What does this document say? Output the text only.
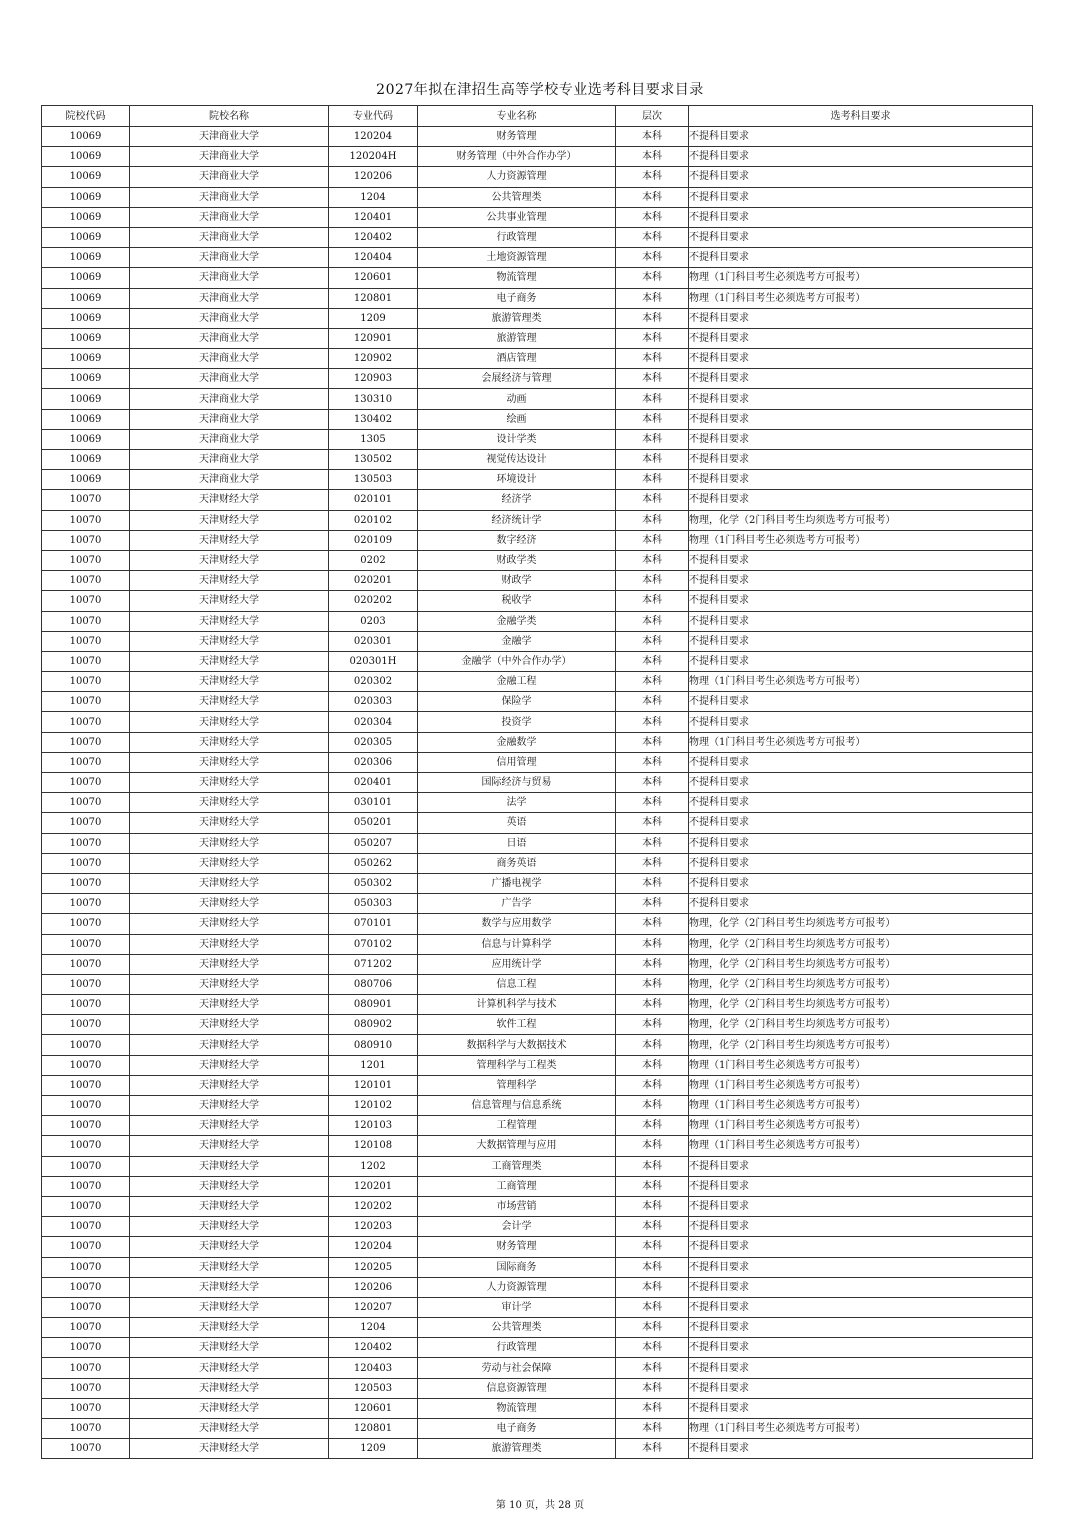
2027年拟在津招生高等学校专业选考科目要求目录
院校代码	院校名称	专业代码	专业名称	层次	选考科目要求
10069	天津商业大学	120204	财务管理	本科	不提科目要求
10069	天津商业大学	120204H	财务管理（中外合作办学）	本科	不提科目要求
10069	天津商业大学	120206	人力资源管理	本科	不提科目要求
10069	天津商业大学	1204	公共管理类	本科	不提科目要求
10069	天津商业大学	120401	公共事业管理	本科	不提科目要求
10069	天津商业大学	120402	行政管理	本科	不提科目要求
10069	天津商业大学	120404	土地资源管理	本科	不提科目要求
10069	天津商业大学	120601	物流管理	本科	物理（1门科目考生必须选考方可报考）
10069	天津商业大学	120801	电子商务	本科	物理（1门科目考生必须选考方可报考）
10069	天津商业大学	1209	旅游管理类	本科	不提科目要求
10069	天津商业大学	120901	旅游管理	本科	不提科目要求
10069	天津商业大学	120902	酒店管理	本科	不提科目要求
10069	天津商业大学	120903	会展经济与管理	本科	不提科目要求
10069	天津商业大学	130310	动画	本科	不提科目要求
10069	天津商业大学	130402	绘画	本科	不提科目要求
10069	天津商业大学	1305	设计学类	本科	不提科目要求
10069	天津商业大学	130502	视觉传达设计	本科	不提科目要求
10069	天津商业大学	130503	环境设计	本科	不提科目要求
10070	天津财经大学	020101	经济学	本科	不提科目要求
10070	天津财经大学	020102	经济统计学	本科	物理，化学（2门科目考生均须选考方可报考）
10070	天津财经大学	020109	数字经济	本科	物理（1门科目考生必须选考方可报考）
10070	天津财经大学	0202	财政学类	本科	不提科目要求
10070	天津财经大学	020201	财政学	本科	不提科目要求
10070	天津财经大学	020202	税收学	本科	不提科目要求
10070	天津财经大学	0203	金融学类	本科	不提科目要求
10070	天津财经大学	020301	金融学	本科	不提科目要求
10070	天津财经大学	020301H	金融学（中外合作办学）	本科	不提科目要求
10070	天津财经大学	020302	金融工程	本科	物理（1门科目考生必须选考方可报考）
10070	天津财经大学	020303	保险学	本科	不提科目要求
10070	天津财经大学	020304	投资学	本科	不提科目要求
10070	天津财经大学	020305	金融数学	本科	物理（1门科目考生必须选考方可报考）
10070	天津财经大学	020306	信用管理	本科	不提科目要求
10070	天津财经大学	020401	国际经济与贸易	本科	不提科目要求
10070	天津财经大学	030101	法学	本科	不提科目要求
10070	天津财经大学	050201	英语	本科	不提科目要求
10070	天津财经大学	050207	日语	本科	不提科目要求
10070	天津财经大学	050262	商务英语	本科	不提科目要求
10070	天津财经大学	050302	广播电视学	本科	不提科目要求
10070	天津财经大学	050303	广告学	本科	不提科目要求
10070	天津财经大学	070101	数学与应用数学	本科	物理，化学（2门科目考生均须选考方可报考）
10070	天津财经大学	070102	信息与计算科学	本科	物理，化学（2门科目考生均须选考方可报考）
10070	天津财经大学	071202	应用统计学	本科	物理，化学（2门科目考生均须选考方可报考）
10070	天津财经大学	080706	信息工程	本科	物理，化学（2门科目考生均须选考方可报考）
10070	天津财经大学	080901	计算机科学与技术	本科	物理，化学（2门科目考生均须选考方可报考）
10070	天津财经大学	080902	软件工程	本科	物理，化学（2门科目考生均须选考方可报考）
10070	天津财经大学	080910	数据科学与大数据技术	本科	物理，化学（2门科目考生均须选考方可报考）
10070	天津财经大学	1201	管理科学与工程类	本科	物理（1门科目考生必须选考方可报考）
10070	天津财经大学	120101	管理科学	本科	物理（1门科目考生必须选考方可报考）
10070	天津财经大学	120102	信息管理与信息系统	本科	物理（1门科目考生必须选考方可报考）
10070	天津财经大学	120103	工程管理	本科	物理（1门科目考生必须选考方可报考）
10070	天津财经大学	120108	大数据管理与应用	本科	物理（1门科目考生必须选考方可报考）
10070	天津财经大学	1202	工商管理类	本科	不提科目要求
10070	天津财经大学	120201	工商管理	本科	不提科目要求
10070	天津财经大学	120202	市场营销	本科	不提科目要求
10070	天津财经大学	120203	会计学	本科	不提科目要求
10070	天津财经大学	120204	财务管理	本科	不提科目要求
10070	天津财经大学	120205	国际商务	本科	不提科目要求
10070	天津财经大学	120206	人力资源管理	本科	不提科目要求
10070	天津财经大学	120207	审计学	本科	不提科目要求
10070	天津财经大学	1204	公共管理类	本科	不提科目要求
10070	天津财经大学	120402	行政管理	本科	不提科目要求
10070	天津财经大学	120403	劳动与社会保障	本科	不提科目要求
10070	天津财经大学	120503	信息资源管理	本科	不提科目要求
10070	天津财经大学	120601	物流管理	本科	不提科目要求
10070	天津财经大学	120801	电子商务	本科	物理（1门科目考生必须选考方可报考）
10070	天津财经大学	1209	旅游管理类	本科	不提科目要求
第 10 页，共 28 页
